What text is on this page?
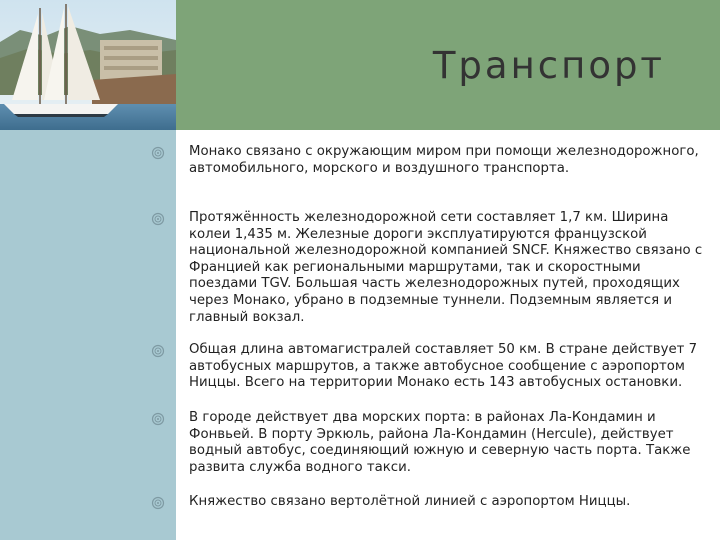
Транспорт
Монако связано с окружающим миром при помощи железнодорожного, автомобильного, морского и воздушного транспорта.
Протяжённость железнодорожной сети составляет 1,7 км. Ширина колеи 1,435 м. Железные дороги эксплуатируются французской национальной железнодорожной компанией SNCF. Княжество связано с Францией как региональными маршрутами, так и скоростными поездами TGV. Большая часть железнодорожных путей, проходящих через Монако, убрано в подземные туннели. Подземным является и главный вокзал.
Общая длина автомагистралей составляет 50 км. В стране действует 7 автобусных маршрутов, а также автобусное сообщение с аэропортом Ниццы. Всего на территории Монако есть 143 автобусных остановки.
В городе действует два морских порта: в районах Ла-Кондамин и Фонвьей. В порту Эркюль, района Ла-Кондамин (Hercule), действует водный автобус, соединяющий южную и северную часть порта. Также развита служба водного такси.
Княжество связано вертолётной линией с аэропортом Ниццы.
